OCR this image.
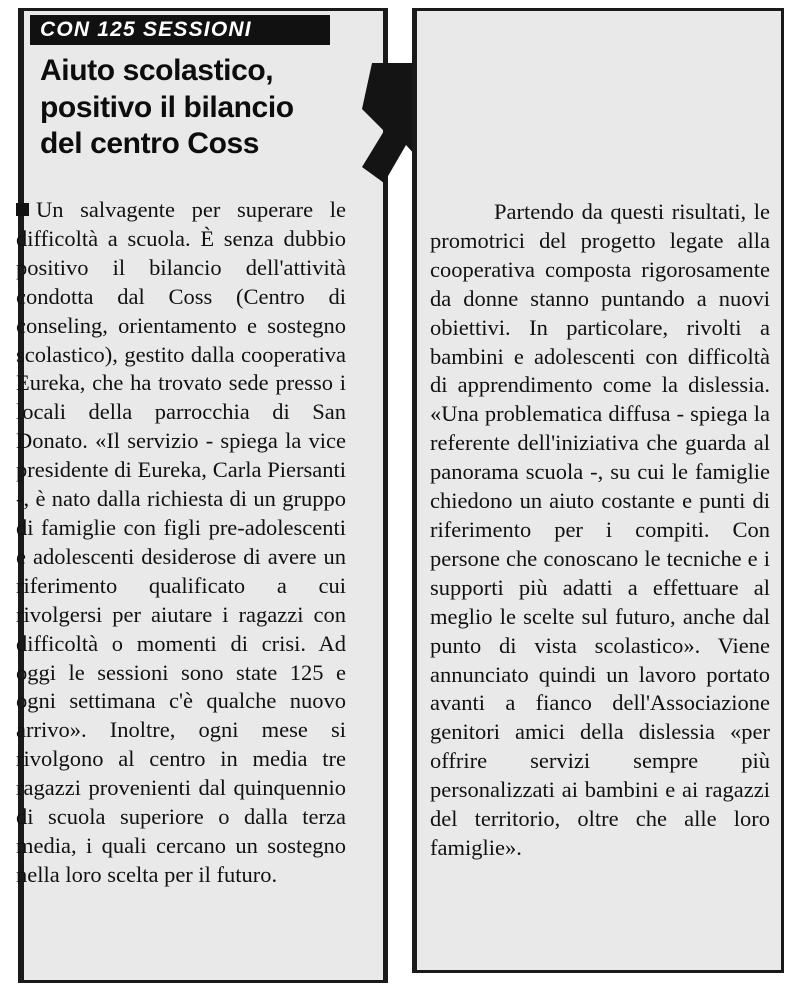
CON 125 SESSIONI
Aiuto scolastico,
positivo il bilancio
del centro Coss
Un salvagente per superare le difficoltà a scuola. È senza dubbio positivo il bilancio dell'attività condotta dal Coss (Centro di conseling, orientamento e sostegno scolastico), gestito dalla cooperativa Eureka, che ha trovato sede presso i locali della parrocchia di San Donato. «Il servizio - spiega la vice presidente di Eureka, Carla Piersanti -, è nato dalla richiesta di un gruppo di famiglie con figli pre-adolescenti e adolescenti desiderose di avere un riferimento qualificato a cui rivolgersi per aiutare i ragazzi con difficoltà o momenti di crisi. Ad oggi le sessioni sono state 125 e ogni settimana c'è qualche nuovo arrivo». Inoltre, ogni mese si rivolgono al centro in media tre ragazzi provenienti dal quinquennio di scuola superiore o dalla terza media, i quali cercano un sostegno nella loro scelta per il futuro.
Partendo da questi risultati, le promotrici del progetto legate alla cooperativa composta rigorosamente da donne stanno puntando a nuovi obiettivi. In particolare, rivolti a bambini e adolescenti con difficoltà di apprendimento come la dislessia. «Una problematica diffusa - spiega la referente dell'iniziativa che guarda al panorama scuola -, su cui le famiglie chiedono un aiuto costante e punti di riferimento per i compiti. Con persone che conoscano le tecniche e i supporti più adatti a effettuare al meglio le scelte sul futuro, anche dal punto di vista scolastico». Viene annunciato quindi un lavoro portato avanti a fianco dell'Associazione genitori amici della dislessia «per offrire servizi sempre più personalizzati ai bambini e ai ragazzi del territorio, oltre che alle loro famiglie».
